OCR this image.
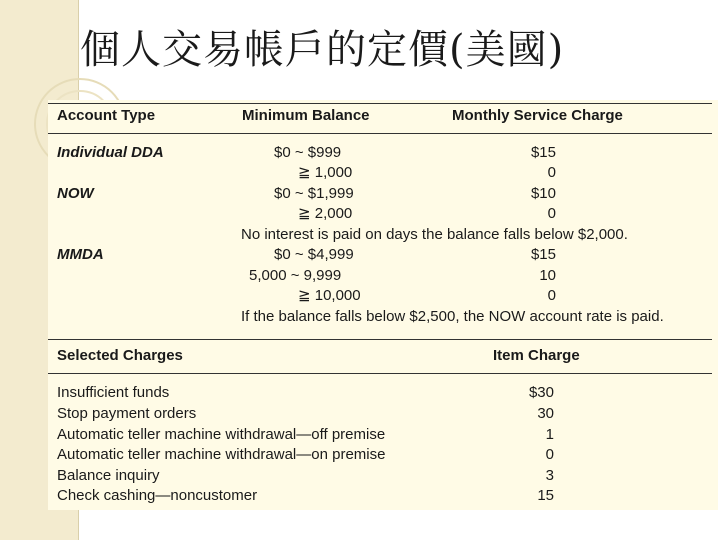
個人交易帳戶的定價(美國)
Account Type	Minimum Balance	Monthly Service Charge
Individual DDA	$0 ~ $999	$15
≧ 1,000	0
NOW	$0 ~ $1,999	$10
≧ 2,000	0
No interest is paid on days the balance falls below $2,000.
MMDA	$0 ~ $4,999	$15
5,000 ~ 9,999	10
≧ 10,000	0
If the balance falls below $2,500, the NOW account rate is paid.
Selected Charges	Item Charge
Insufficient funds	$30
Stop payment orders	30
Automatic teller machine withdrawal—off premise	1
Automatic teller machine withdrawal—on premise	0
Balance inquiry	3
Check cashing—noncustomer	15
